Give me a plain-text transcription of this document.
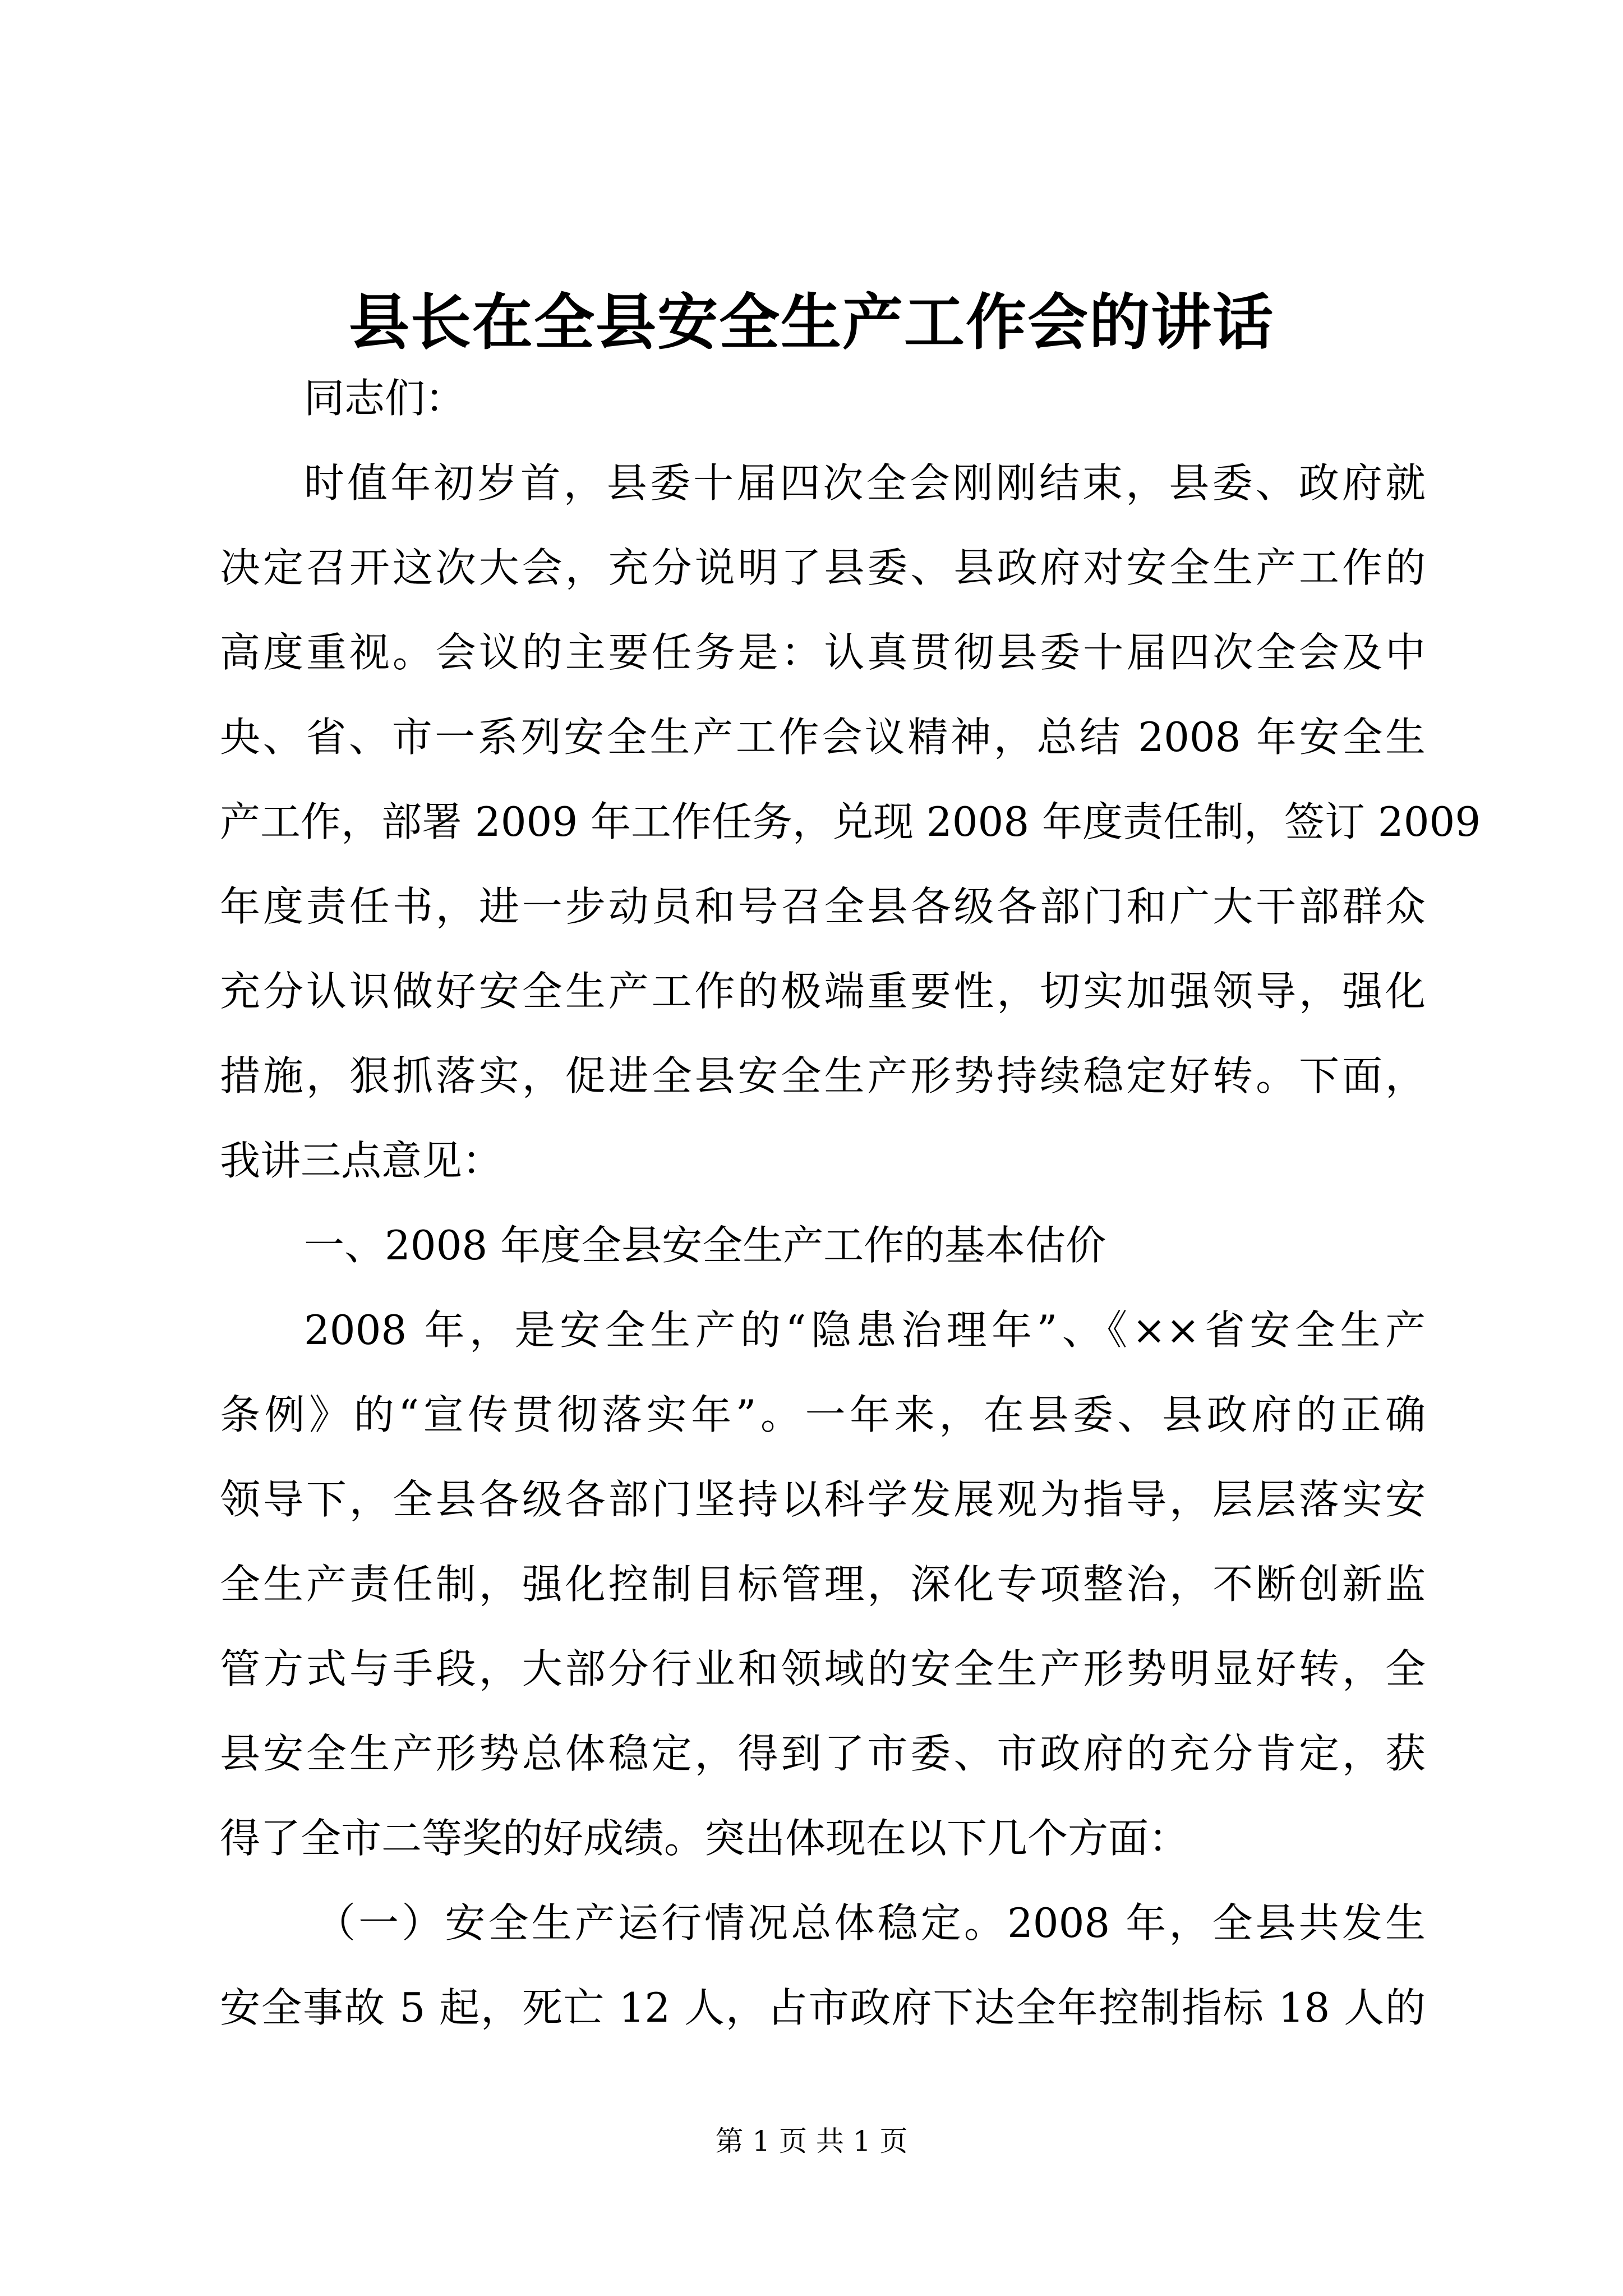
县长在全县安全生产工作会的讲话
同志们：
时值年初岁首，县委十届四次全会刚刚结束，县委、政府就
决定召开这次大会，充分说明了县委、县政府对安全生产工作的
高度重视。会议的主要任务是：认真贯彻县委十届四次全会及中
央、省、市一系列安全生产工作会议精神，总结 2008 年安全生
产工作，部署 2009 年工作任务，兑现 2008 年度责任制，签订 2009
年度责任书，进一步动员和号召全县各级各部门和广大干部群众
充分认识做好安全生产工作的极端重要性，切实加强领导，强化
措施，狠抓落实，促进全县安全生产形势持续稳定好转。下面，
我讲三点意见：
一、2008 年度全县安全生产工作的基本估价
2008 年，是安全生产的“隐患治理年”、《××省安全生产
条例》的“宣传贯彻落实年”。一年来，在县委、县政府的正确
领导下，全县各级各部门坚持以科学发展观为指导，层层落实安
全生产责任制，强化控制目标管理，深化专项整治，不断创新监
管方式与手段，大部分行业和领域的安全生产形势明显好转，全
县安全生产形势总体稳定，得到了市委、市政府的充分肯定，获
得了全市二等奖的好成绩。突出体现在以下几个方面：
（一）安全生产运行情况总体稳定。2008 年，全县共发生
安全事故 5 起，死亡 12 人，占市政府下达全年控制指标 18 人的
第 1 页 共 1 页
